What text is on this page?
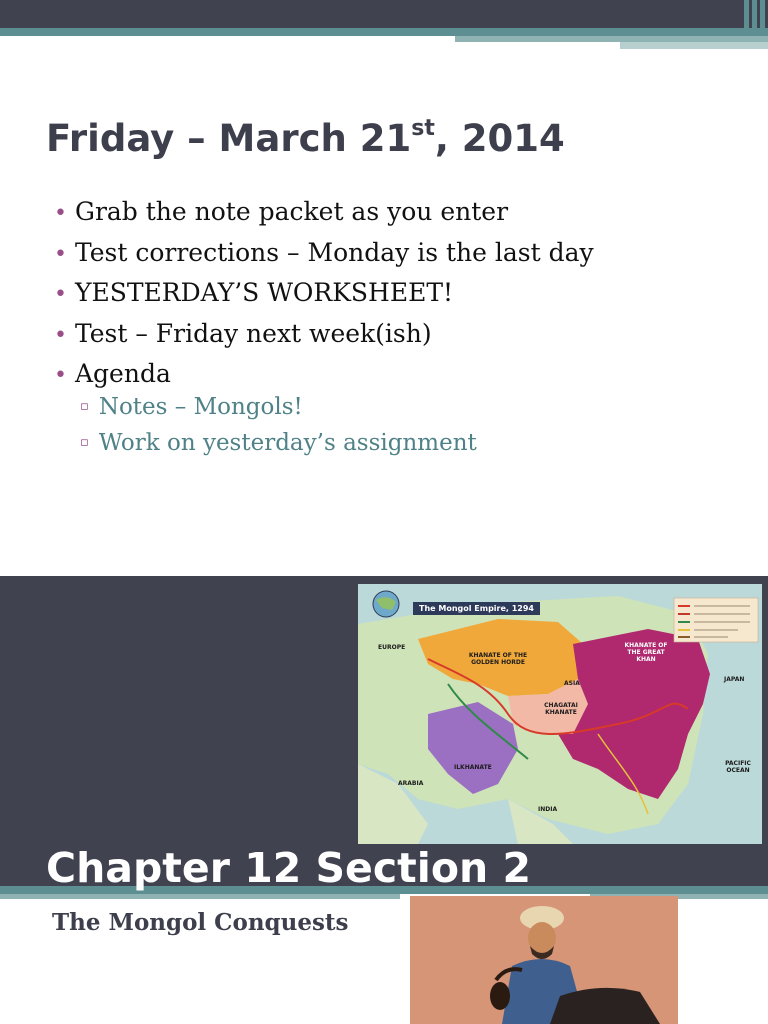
Friday – March 21st, 2014
• Grab the note packet as you enter
• Test corrections – Monday is the last day
• YESTERDAY’S WORKSHEET!
• Test – Friday next week(ish)
• Agenda
▫ Notes – Mongols!
▫ Work on yesterday’s assignment
The Mongol Empire, 1294
EUROPE
KHANATE OF THE GOLDEN HORDE
ASIA
KHANATE OF THE GREAT KHAN
CHAGATAI KHANATE
ILKHANATE
ARABIA
INDIA
JAPAN
PACIFIC OCEAN
Chapter 12 Section 2
The Mongol Conquests
